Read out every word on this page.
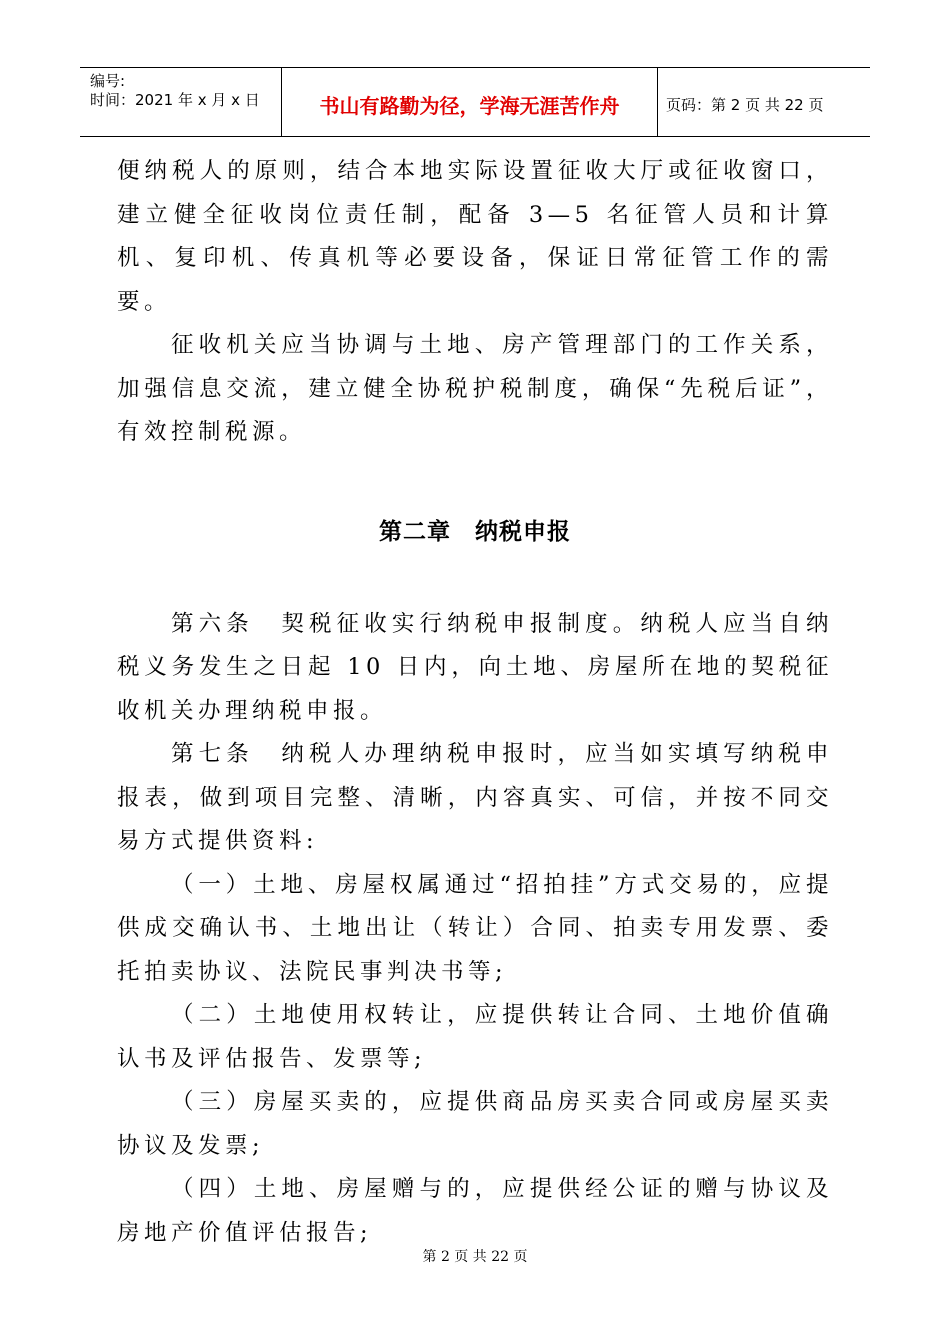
编号:
时间：2021 年 x 月 x 日	书山有路勤为径，学海无涯苦作舟	页码：第 2 页 共 22 页

便纳税人的原则，结合本地实际设置征收大厅或征收窗口，建立健全征收岗位责任制，配备 3—5 名征管人员和计算机、复印机、传真机等必要设备，保证日常征管工作的需要。

征收机关应当协调与土地、房产管理部门的工作关系，加强信息交流，建立健全协税护税制度，确保“先税后证”，有效控制税源。

第二章　纳税申报

第六条　契税征收实行纳税申报制度。纳税人应当自纳税义务发生之日起 10 日内，向土地、房屋所在地的契税征收机关办理纳税申报。

第七条　纳税人办理纳税申报时，应当如实填写纳税申报表，做到项目完整、清晰，内容真实、可信，并按不同交易方式提供资料:

（一）土地、房屋权属通过“招拍挂”方式交易的，应提供成交确认书、土地出让（转让）合同、拍卖专用发票、委托拍卖协议、法院民事判决书等;

（二）土地使用权转让，应提供转让合同、土地价值确认书及评估报告、发票等;

（三）房屋买卖的，应提供商品房买卖合同或房屋买卖协议及发票;

（四）土地、房屋赠与的，应提供经公证的赠与协议及房地产价值评估报告;

第 2 页 共 22 页
